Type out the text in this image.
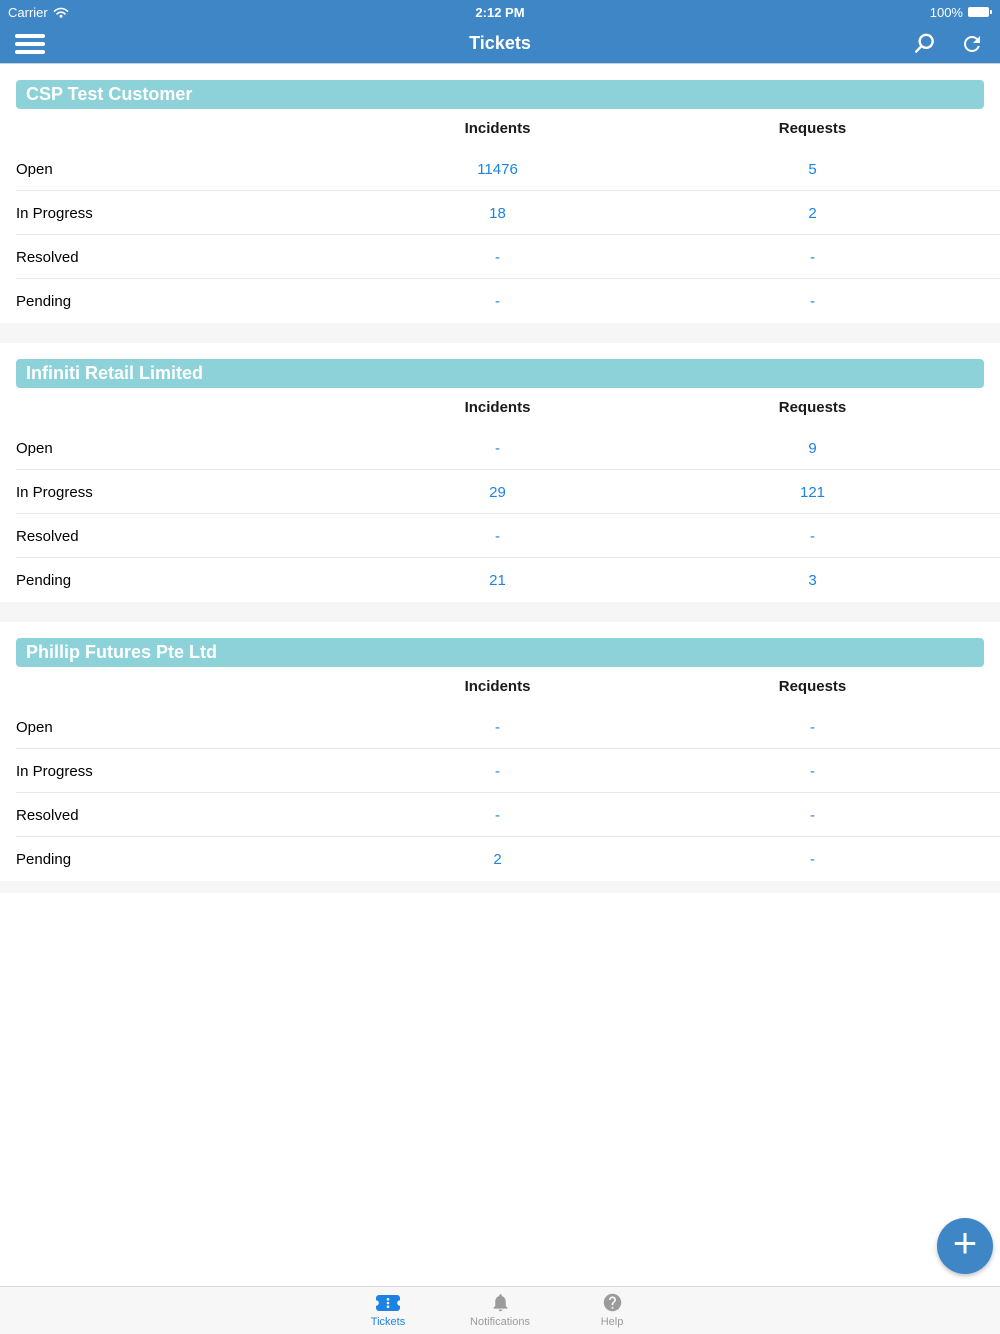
Carrier	2:12 PM	100%
Tickets
CSP Test Customer
Incidents	Requests
Open	11476	5
In Progress	18	2
Resolved	-	-
Pending	-	-
Infiniti Retail Limited
Incidents	Requests
Open	-	9
In Progress	29	121
Resolved	-	-
Pending	21	3
Phillip Futures Pte Ltd
Incidents	Requests
Open	-	-
In Progress	-	-
Resolved	-	-
Pending	2	-
+
Tickets	Notifications	Help
